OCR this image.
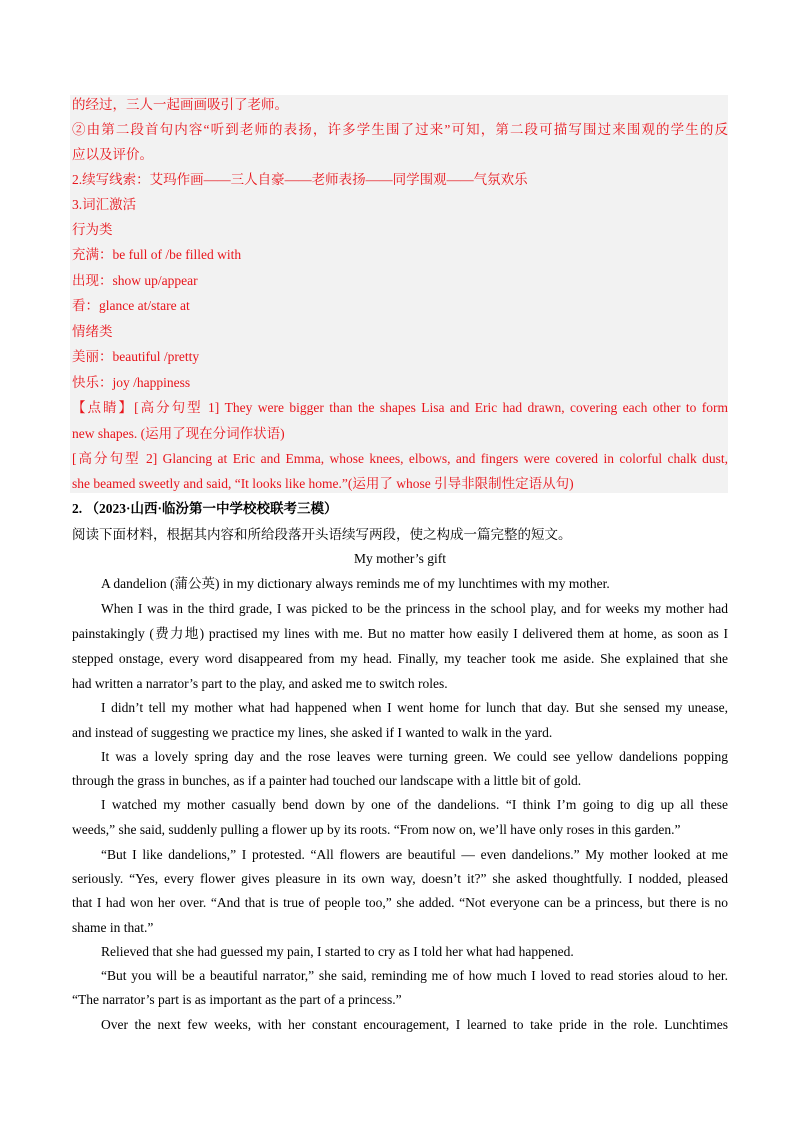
的经过，三人一起画画吸引了老师。
②由第二段首句内容“听到老师的表扬，许多学生围了过来”可知，第二段可描写围过来围观的学生的反
应以及评价。
2.续写线索：艾玛作画——三人自豪——老师表扬——同学围观——气氛欢乐
3.词汇激活
行为类
充满：be full of /be filled with
出现：show up/appear
看：glance at/stare at
情绪类
美丽：beautiful /pretty
快乐：joy /happiness
【点睛】[高分句型 1] They were bigger than the shapes Lisa and Eric had drawn, covering each other to form
new shapes. (运用了现在分词作状语)
[高分句型 2] Glancing at Eric and Emma, whose knees, elbows, and fingers were covered in colorful chalk dust,
she beamed sweetly and said, “It looks like home.”(运用了 whose 引导非限制性定语从句)
2. （2023·山西·临汾第一中学校校联考三模）
阅读下面材料，根据其内容和所给段落开头语续写两段，使之构成一篇完整的短文。
My mother’s gift
A dandelion (蒲公英) in my dictionary always reminds me of my lunchtimes with my mother.
When I was in the third grade, I was picked to be the princess in the school play, and for weeks my mother had
painstakingly (费力地) practised my lines with me. But no matter how easily I delivered them at home, as soon as I
stepped onstage, every word disappeared from my head. Finally, my teacher took me aside. She explained that she
had written a narrator’s part to the play, and asked me to switch roles.
I didn’t tell my mother what had happened when I went home for lunch that day. But she sensed my unease,
and instead of suggesting we practice my lines, she asked if I wanted to walk in the yard.
It was a lovely spring day and the rose leaves were turning green. We could see yellow dandelions popping
through the grass in bunches, as if a painter had touched our landscape with a little bit of gold.
I watched my mother casually bend down by one of the dandelions. “I think I’m going to dig up all these
weeds,” she said, suddenly pulling a flower up by its roots. “From now on, we’ll have only roses in this garden.”
“But I like dandelions,” I protested. “All flowers are beautiful — even dandelions.” My mother looked at me
seriously. “Yes, every flower gives pleasure in its own way, doesn’t it?” she asked thoughtfully. I nodded, pleased
that I had won her over. “And that is true of people too,” she added. “Not everyone can be a princess, but there is no
shame in that.”
Relieved that she had guessed my pain, I started to cry as I told her what had happened.
“But you will be a beautiful narrator,” she said, reminding me of how much I loved to read stories aloud to her.
“The narrator’s part is as important as the part of a princess.”
Over the next few weeks, with her constant encouragement, I learned to take pride in the role. Lunchtimes
